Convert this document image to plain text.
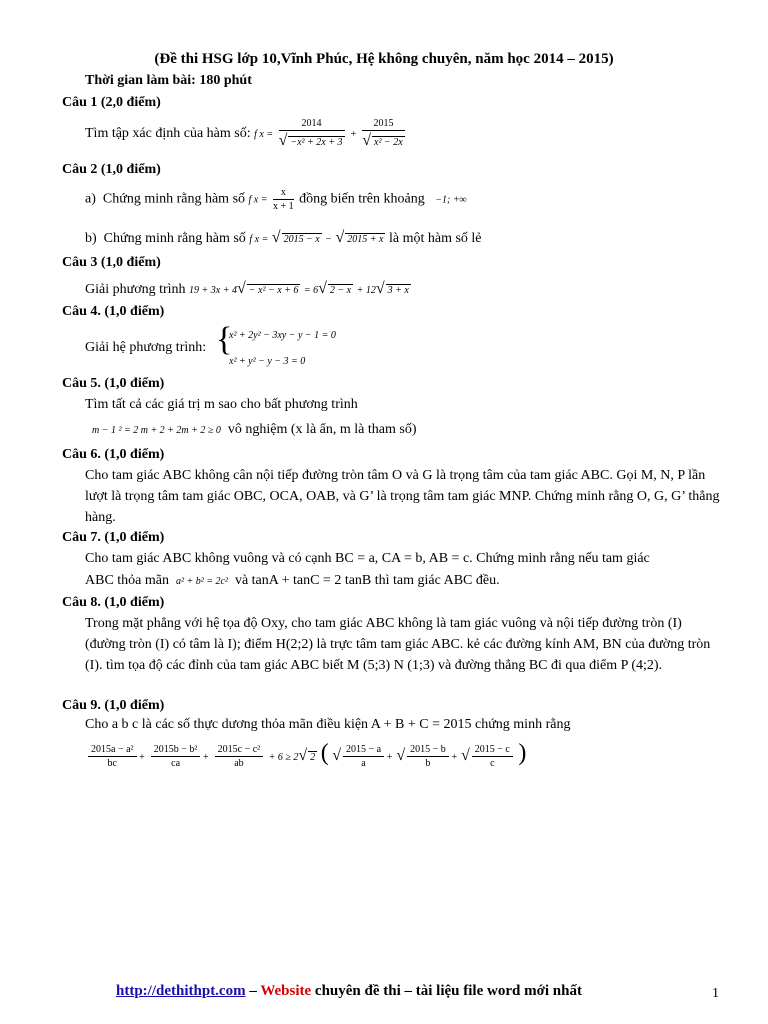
(Đề thi HSG lớp 10,Vĩnh Phúc, Hệ không chuyên, năm học 2014 – 2015)
Thời gian làm bài: 180 phút
Câu 1 (2,0 điểm)
Tìm tập xác định của hàm số: f $x = \frac{2014}{\text{√ −x² + 2x + 3}} + \frac{2015}{\text{√ x² − 2x}}$
Câu 2 (1,0 điểm)
a) Chứng minh rằng hàm số f $x = \frac{x}{x + 1}$ đồng biến trên khoảng −1; +∞
b) Chứng minh rằng hàm số f x = √ 2015 − x − √ 2015 + x là một hàm số lẻ
Câu 3 (1,0 điểm)
Giải phương trình 19 + 3x + 4√ − x² − x + 6 = 6√ 2 − x + 12√ 3 + x
Câu 4. (1,0 điểm)
Giải hệ phương trình: {
x² + 2y² − 3xy − y − 1 = 0
x² + y² − y − 3 = 0
Câu 5. (1,0 điểm)
Tìm tất cả các giá trị m sao cho bất phương trình
m − 1 ² = 2 m + 2 + 2m + 2 ≥ 0 vô nghiệm (x là ẩn, m là tham số)
Câu 6. (1,0 điểm)
Cho tam giác ABC không cân nội tiếp đường tròn tâm O và G là trọng tâm của tam giác ABC. Gọi M, N, P lần lượt là trọng tâm tam giác OBC, OCA, OAB, và G’ là trọng tâm tam giác MNP. Chứng minh rằng O, G, G’ thẳng hàng.
Câu 7. (1,0 điểm)
Cho tam giác ABC không vuông và có cạnh BC = a, CA = b, AB = c. Chứng minh rằng nếu tam giác
ABC thỏa mãn a² + b² = 2c² và tanA + tanC = 2 tanB thì tam giác ABC đều.
Câu 8. (1,0 điểm)
Trong mặt phẳng với hệ tọa độ Oxy, cho tam giác ABC không là tam giác vuông và nội tiếp đường tròn (I) (đường tròn (I) có tâm là I); điểm H(2;2) là trực tâm tam giác ABC. kẻ các đường kính AM, BN của đường tròn (I). tìm tọa độ các đỉnh của tam giác ABC biết M (5;3) N (1;3) và đường thẳng BC đi qua điểm P (4;2).
Câu 9. (1,0 điểm)
Cho a b c là các số thực dương thỏa mãn điều kiện A + B + C = 2015 chứng minh rằng
$\frac{\text{2015a − a²}}{bc} + \frac{\text{2015b − b²}}{ca} + \frac{\text{2015c − c²}}{ab} + 6 \ge 2√$ 2 ( √ $\frac{2015 - a}{a}$ + √ $\frac{2015 - b}{b}$ + √ $\frac{2015 - c}{c}$ )
http://dethithpt.com – Website chuyên đề thi – tài liệu file word mới nhất	1
